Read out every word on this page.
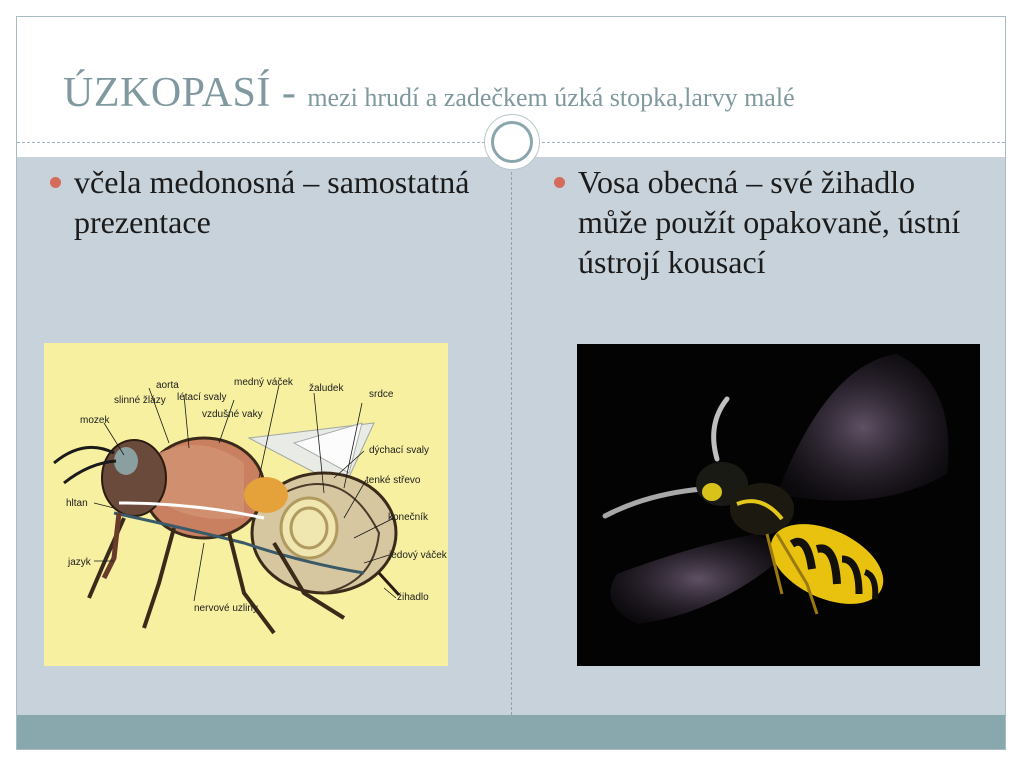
ÚZKOPASÍ - mezi hrudí a zadečkem úzká stopka,larvy malé
včela medonosná – samostatná prezentace
Vosa obecná – své žihadlo může použít opakovaně, ústní ústrojí kousací
aorta	medný váček
žaludek
srdce
slinné žlázy létací svaly
vzdušné vaky
mozek
dýchací svaly
tenké střevo
hltan
konečník
jedový váček
jazyk
žihadlo
nervové uzliny
